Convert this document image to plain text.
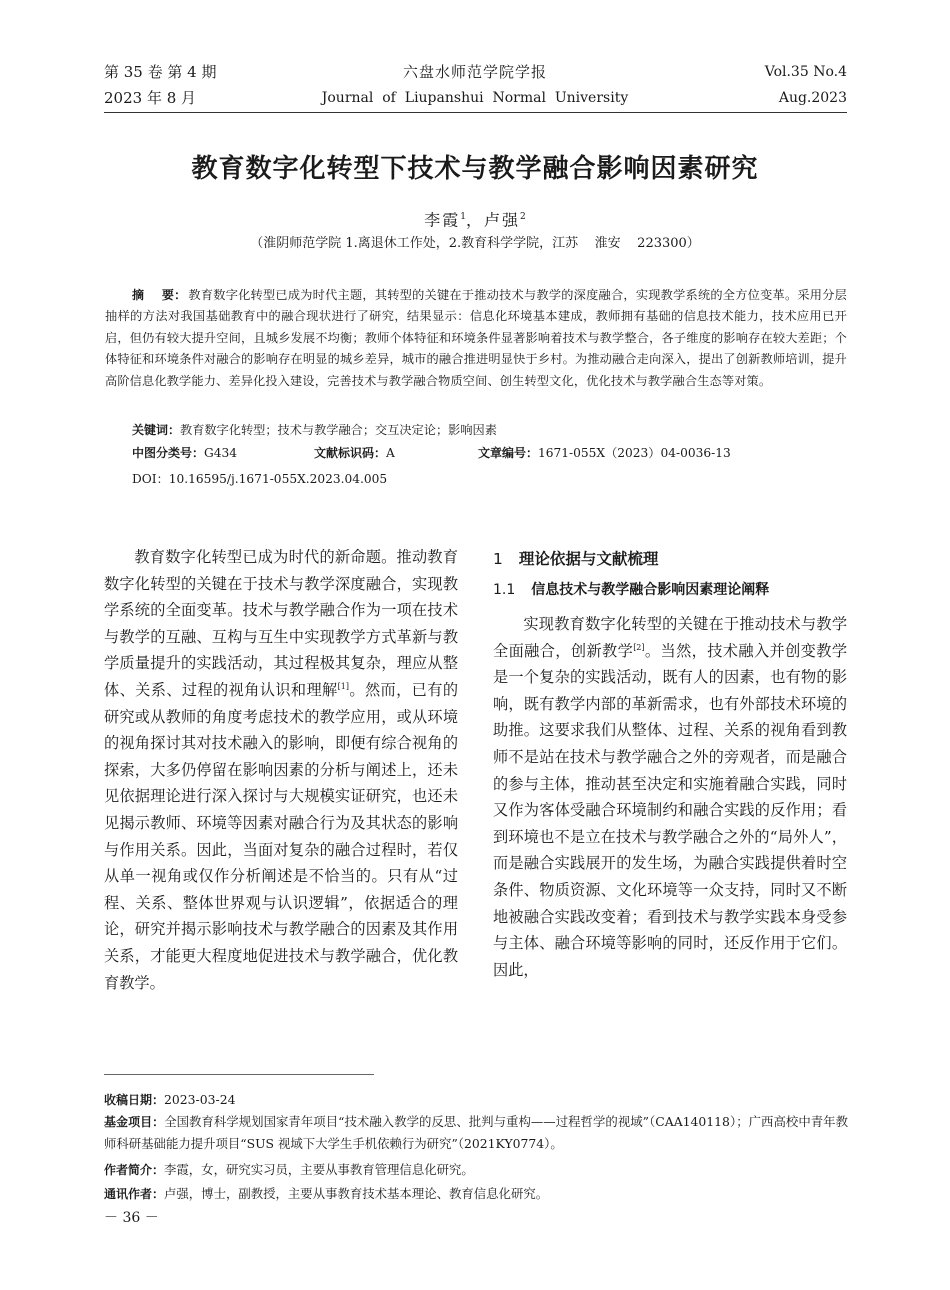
第 35 卷 第 4 期
2023 年 8 月
六盘水师范学院学报
Journal  of  Liupanshui  Normal  University
Vol.35 No.4
Aug.2023
教育数字化转型下技术与教学融合影响因素研究
李霞$^1$，卢强$^2$
（淮阴师范学院 1.离退休工作处，2.教育科学学院，江苏    淮安    223300）
摘    要： 教育数字化转型已成为时代主题，其转型的关键在于推动技术与教学的深度融合，实现教学系统的全方位变革。采用分层抽样的方法对我国基础教育中的融合现状进行了研究，结果显示：信息化环境基本建成，教师拥有基础的信息技术能力，技术应用已开启，但仍有较大提升空间，且城乡发展不均衡；教师个体特征和环境条件显著影响着技术与教学整合，各子维度的影响存在较大差距；个体特征和环境条件对融合的影响存在明显的城乡差异，城市的融合推进明显快于乡村。为推动融合走向深入，提出了创新教师培训，提升高阶信息化教学能力、差异化投入建设，完善技术与教学融合物质空间、创生转型文化，优化技术与教学融合生态等对策。
关键词：教育数字化转型；技术与教学融合；交互决定论；影响因素
中图分类号：G434	文献标识码：A	文章编号：1671-055X（2023）04-0036-13
DOI：10.16595/j.1671-055X.2023.04.005

教育数字化转型已成为时代的新命题。推动教育数字化转型的关键在于技术与教学深度融合，实现教学系统的全面变革。技术与教学融合作为一项在技术与教学的互融、互构与互生中实现教学方式革新与教学质量提升的实践活动，其过程极其复杂，理应从整体、关系、过程的视角认识和理解[1]。然而，已有的研究或从教师的角度考虑技术的教学应用，或从环境的视角探讨其对技术融入的影响，即便有综合视角的探索，大多仍停留在影响因素的分析与阐述上，还未见依据理论进行深入探讨与大规模实证研究，也还未见揭示教师、环境等因素对融合行为及其状态的影响与作用关系。因此，当面对复杂的融合过程时，若仅从单一视角或仅作分析阐述是不恰当的。只有从“过程、关系、整体世界观与认识逻辑”，依据适合的理论，研究并揭示影响技术与教学融合的因素及其作用关系，才能更大程度地促进技术与教学融合，优化教育教学。

1 理论依据与文献梳理
1.1 信息技术与教学融合影响因素理论阐释

实现教育数字化转型的关键在于推动技术与教学全面融合，创新教学[2]。当然，技术融入并创变教学是一个复杂的实践活动，既有人的因素，也有物的影响，既有教学内部的革新需求，也有外部技术环境的助推。这要求我们从整体、过程、关系的视角看到教师不是站在技术与教学融合之外的旁观者，而是融合的参与主体，推动甚至决定和实施着融合实践，同时又作为客体受融合环境制约和融合实践的反作用；看到环境也不是立在技术与教学融合之外的“局外人”，而是融合实践展开的发生场，为融合实践提供着时空条件、物质资源、文化环境等一众支持，同时又不断地被融合实践改变着；看到技术与教学实践本身受参与主体、融合环境等影响的同时，还反作用于它们。因此，

收稿日期：2023-03-24
基金项目：全国教育科学规划国家青年项目“技术融入教学的反思、批判与重构——过程哲学的视域”（CAA140118）；广西高校中青年教师科研基础能力提升项目“SUS 视域下大学生手机依赖行为研究”（2021KY0774）。
作者简介：李霞，女，研究实习员，主要从事教育管理信息化研究。
通讯作者：卢强，博士，副教授，主要从事教育技术基本理论、教育信息化研究。
－ 36 －
